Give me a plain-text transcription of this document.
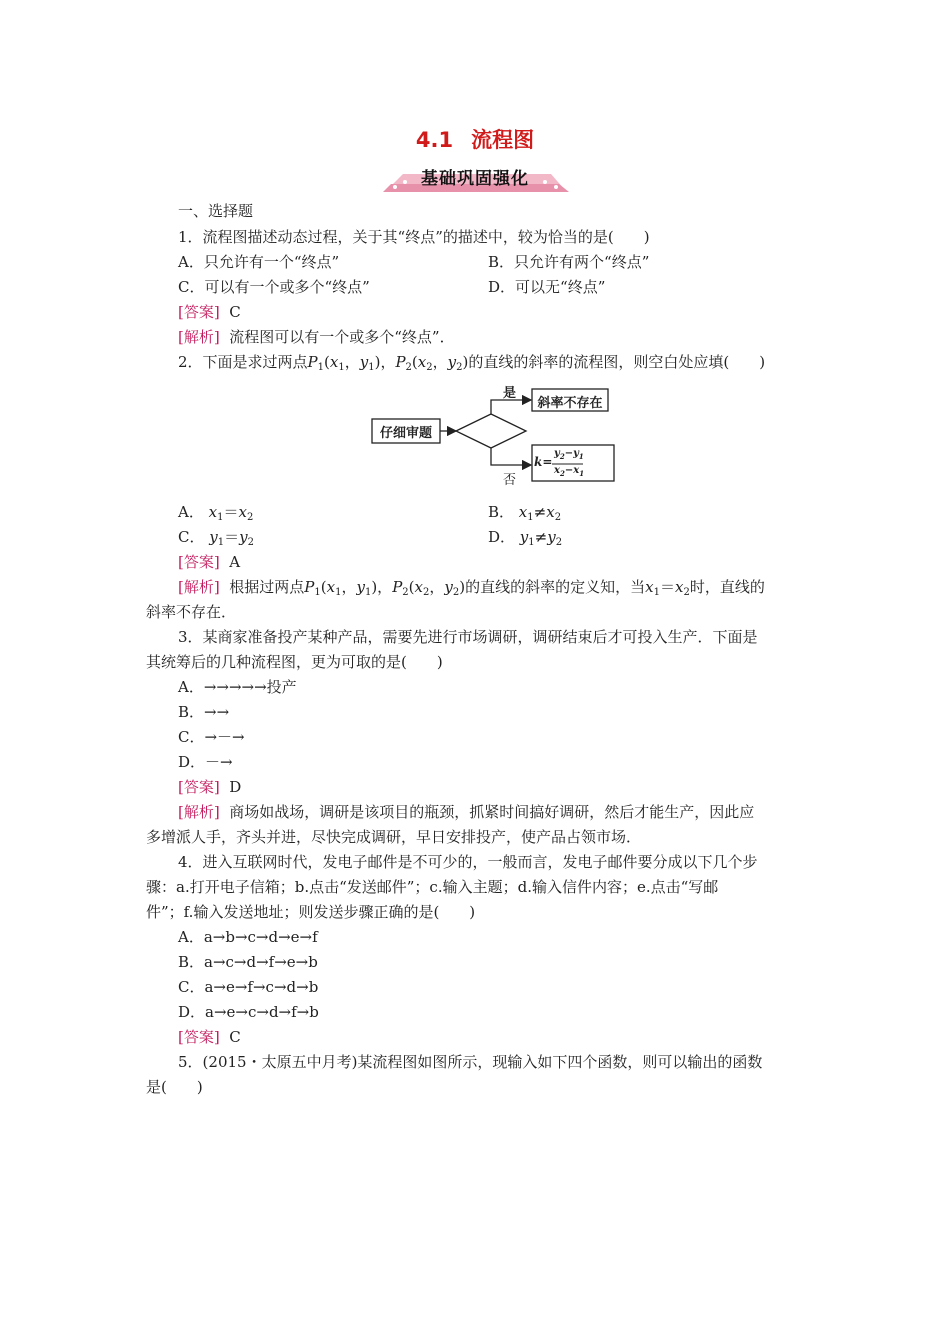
4.1 流程图
基础巩固强化
一、选择题
1．流程图描述动态过程，关于其“终点”的描述中，较为恰当的是(　　)
A．只允许有一个“终点”	B．只允许有两个“终点”
C．可以有一个或多个“终点”	D．可以无“终点”
[答案] C
[解析] 流程图可以有一个或多个“终点”．
2．下面是求过两点$P_1(x_1$，$y_1$)，$P_2(x_2$，$y_2$)的直线的斜率的流程图，则空白处应填(　　)
仔细审题
是
否
斜率不存在
k=
$y_2-y_1$
$x_2-x_1$
A． $x_1=x_2$	B． $x_1\ne x_2$
C． $y_1=y_2$	D． $y_1\ne y_2$
[答案] A
[解析] 根据过两点$P_1(x_1$，$y_1$)，$P_2(x_2$，$y_2$)的直线的斜率的定义知，当$x_1=x_2$时，直线的
斜率不存在．
3．某商家准备投产某种产品，需要先进行市场调研，调研结束后才可投入生产．下面是
其统筹后的几种流程图，更为可取的是(　　)
A．→→→→→投产
B．→→
C．→－→
D．－→
[答案] D
[解析] 商场如战场，调研是该项目的瓶颈，抓紧时间搞好调研，然后才能生产，因此应
多增派人手，齐头并进，尽快完成调研，早日安排投产，使产品占领市场．
4．进入互联网时代，发电子邮件是不可少的，一般而言，发电子邮件要分成以下几个步
骤：a.打开电子信箱；b.点击“发送邮件”；c.输入主题；d.输入信件内容；e.点击“写邮
件”；f.输入发送地址；则发送步骤正确的是(　　)
A．a→b→c→d→e→f
B．a→c→d→f→e→b
C．a→e→f→c→d→b
D．a→e→c→d→f→b
[答案] C
5．(2015・太原五中月考)某流程图如图所示，现输入如下四个函数，则可以输出的函数
是(　　)
